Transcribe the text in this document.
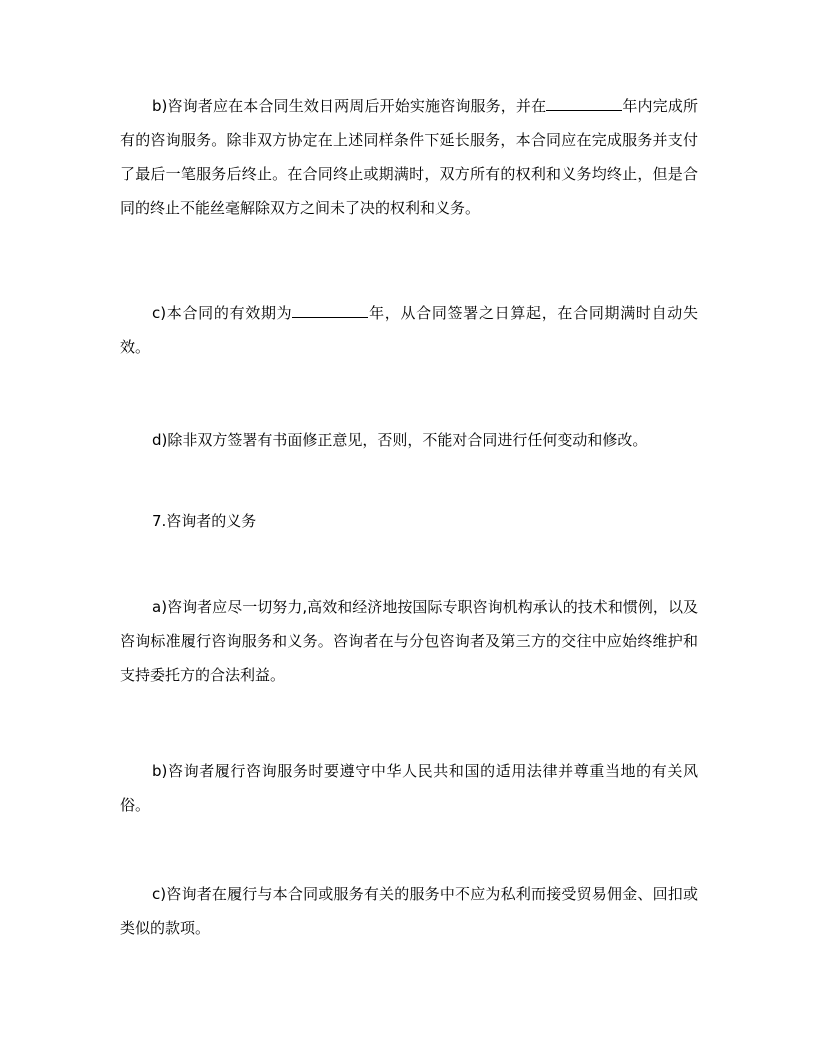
b)咨询者应在本合同生效日两周后开始实施咨询服务，并在	年内完成所有的咨询服务。除非双方协定在上述同样条件下延长服务，本合同应在完成服务并支付了最后一笔服务后终止。在合同终止或期满时，双方所有的权利和义务均终止，但是合同的终止不能丝毫解除双方之间未了决的权利和义务。

c)本合同的有效期为	年，从合同签署之日算起，在合同期满时自动失效。

d)除非双方签署有书面修正意见，否则，不能对合同进行任何变动和修改。

7.咨询者的义务

a)咨询者应尽一切努力,高效和经济地按国际专职咨询机构承认的技术和惯例，以及咨询标准履行咨询服务和义务。咨询者在与分包咨询者及第三方的交往中应始终维护和支持委托方的合法利益。

b)咨询者履行咨询服务时要遵守中华人民共和国的适用法律并尊重当地的有关风俗。

c)咨询者在履行与本合同或服务有关的服务中不应为私利而接受贸易佣金、回扣或类似的款项。
